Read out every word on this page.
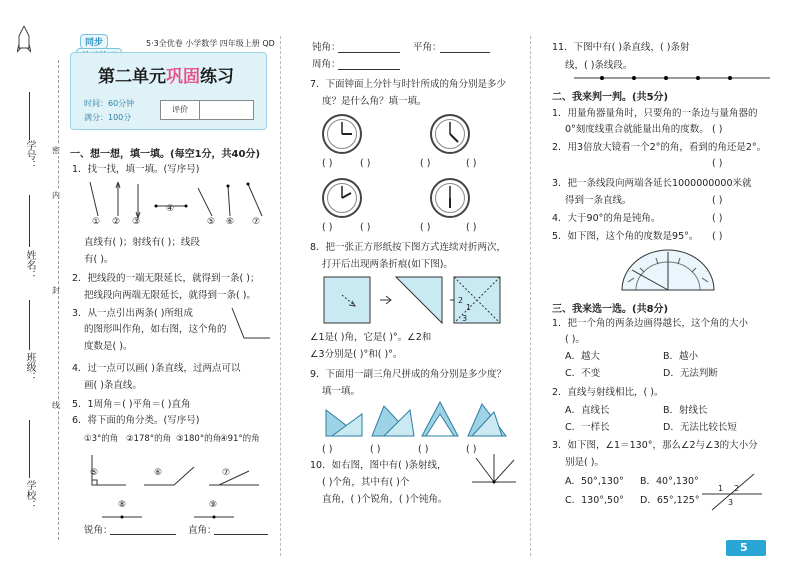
学号：
姓名：
班级：
学校：
密
内
封
线
同步	5·3全优卷 小学数学 四年级上册 QD
第二单元巩固练习
时间：60分钟
满分：100分
评价
一、想一想，填一填。(每空1分，共40分)
1．找一找，填一填。(写序号)
① ② ③
④
⑤ ⑥ ⑦
直线有( )；射线有( )；线段
有( )。
2．把线段的一端无限延长，就得到一条( )；
把线段向两端无限延长，就得到一条( )。
3．从一点引出两条( )所组成
的图形叫作角，如右图，这个角的
度数是( )。
4．过一点可以画( )条直线，过两点可以
画( )条直线。
5．1周角＝( )平角＝( )直角
6．将下面的角分类。(写序号)
①3°的角 ②178°的角 ③180°的角
④91°的角
⑤	⑥	⑦
⑧	⑨
锐角：	直角：
钝角：	平角：
周角：
7．下面钟面上分针与时针所成的角分别是多少
度？是什么角？填一填。
( )	( )	( )	( )
( )	( )	( )	( )
8．把一张正方形纸按下图方式连续对折两次，
打开后出现两条折痕(如下图)。
1
2
3
∠1是( )角，它是( )°。∠2和
∠3分别是( )°和( )°。
9．下面用一副三角尺拼成的角分别是多少度？
填一填。
( )	( )	( )	( )
10．如右图，图中有( )条射线，
( )个角，其中有( )个
直角，( )个锐角，( )个钝角。
11．下图中有( )条直线，( )条射
线，( )条线段。
二、我来判一判。(共5分)
1．用量角器量角时，只要角的一条边与量角器的
0°刻度线重合就能量出角的度数。 ( )
2．用3倍放大镜看一个2°的角，看到的角还是2°。
( )
3．把一条线段向两端各延长1000000000米就
得到一条直线。	( )
4．大于90°的角是钝角。	( )
5．如下图，这个角的度数是95°。 ( )
三、我来选一选。(共8分)
1．把一个角的两条边画得越长，这个角的大小
( )。
A．越大	B．越小
C．不变	D．无法判断
2．直线与射线相比，( )。
A．直线长	B．射线长
C．一样长	D．无法比较长短
3．如下图，∠1＝130°，那么∠2与∠3的大小分
别是( )。
A．50°,130° B．40°,130°
C．130°,50° D．65°,125°
1 2
3
5
